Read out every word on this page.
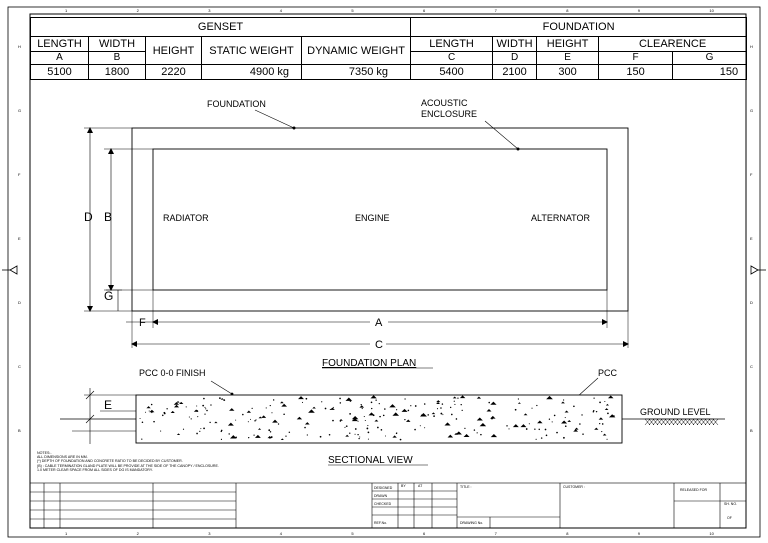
1
1
2
2
3
3
4
4
5
5
6
6
7
7
8
8
9
9
10
10
H	H
G	G
F	F
E	E
D	D
C	C
B	B
FOUNDATION	ACOUSTIC
ENCLOSURE
RADIATOR	ENGINE	ALTERNATOR
D B
G
F	A
C
FOUNDATION PLAN
PCC 0-0 FINISH	PCC
GROUND LEVEL
E
SECTIONAL VIEW
DESIGNED
DRAWN
CHECKED
REF.No.
BY	AT	TITLE :
DRAWING No.
CUSTOMER :
RELEASED FOR
SH. NO.
OF
GENSET					FOUNDATION				
LENGTH	WIDTH	HEIGHT	STATIC WEIGHT	DYNAMIC WEIGHT	LENGTH	WIDTH	HEIGHT	CLEARENCE	
A	B				C	D	E	F	G
5100	1800	2220	4900 kg	7350 kg	5400	2100	300	150	150
NOTES:-
ALL DIMENSIONS ARE IN MM.
(*) DEPTH OF FOUNDATION AND CONCRETE RATIO TO BE DECIDED BY CUSTOMER.
(B) : CABLE TERMINATION GLAND PLATE WILL BE PROVIDE AT THE SIDE OF THE CANOPY / ENCLOSURE.
1.0 METER CLEAR SPACE FROM ALL SIDES OF DG IS MANDATORY.
